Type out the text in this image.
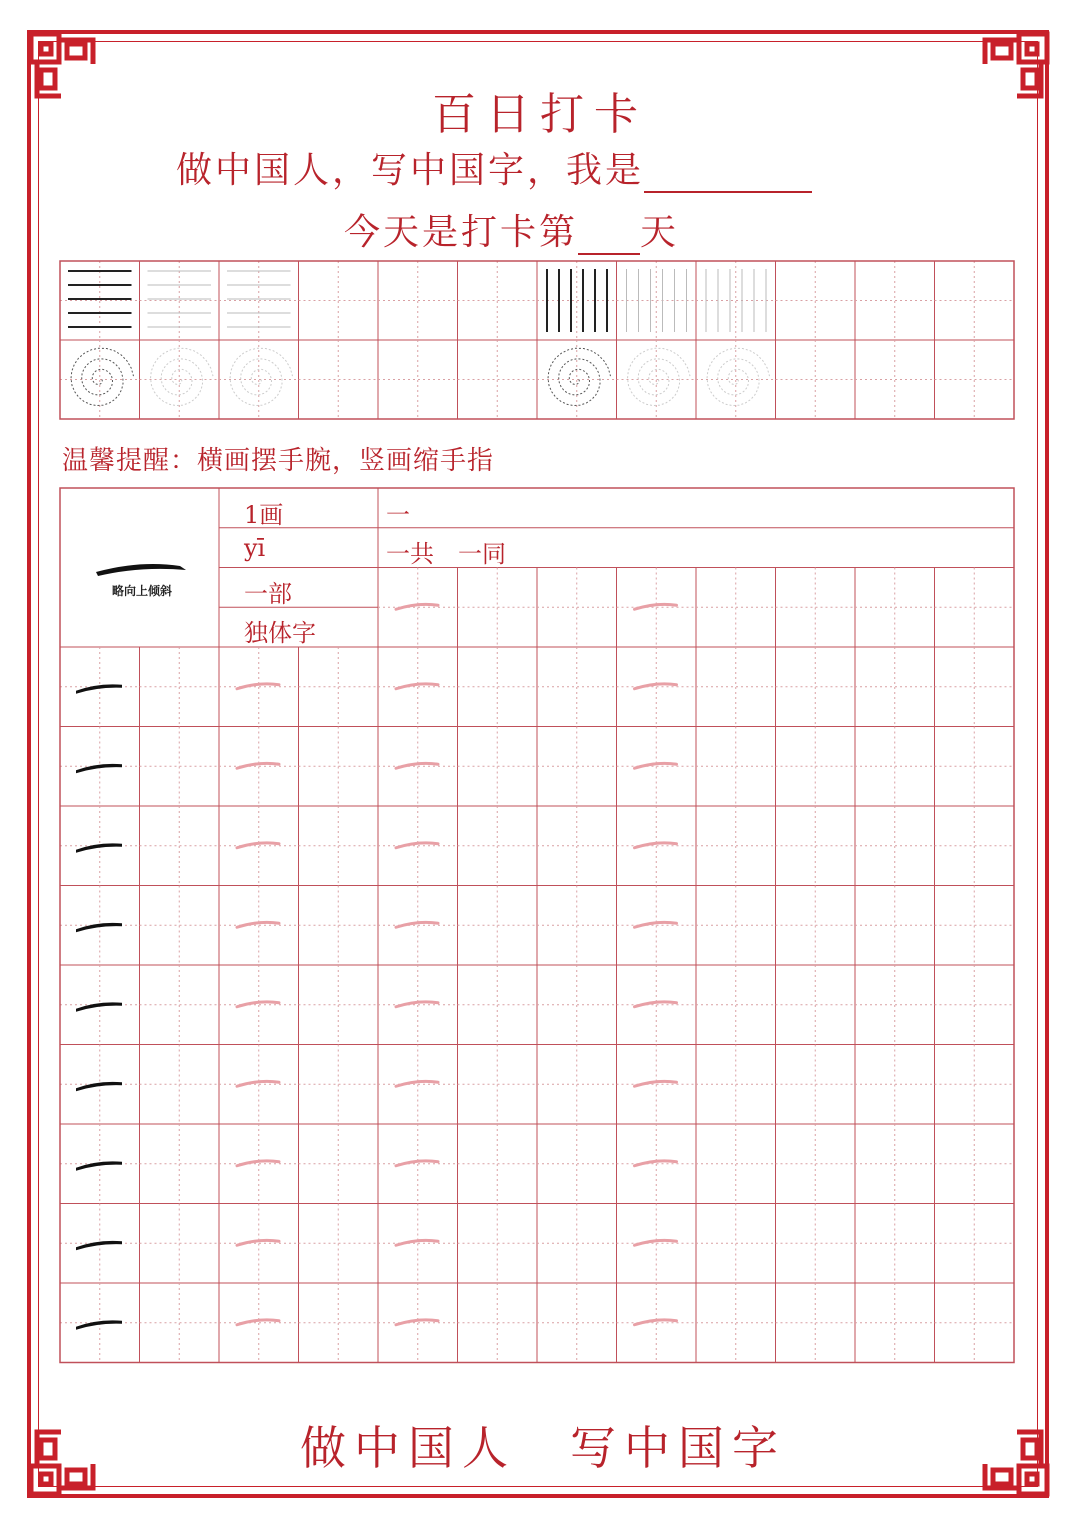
百日打卡
做中国人，写中国字，我是
今天是打卡第 天
温馨提醒：横画摆手腕，竖画缩手指
略向上倾斜
1画
yī
一部
独体字
一
一共　一同
做中国人　写中国字
